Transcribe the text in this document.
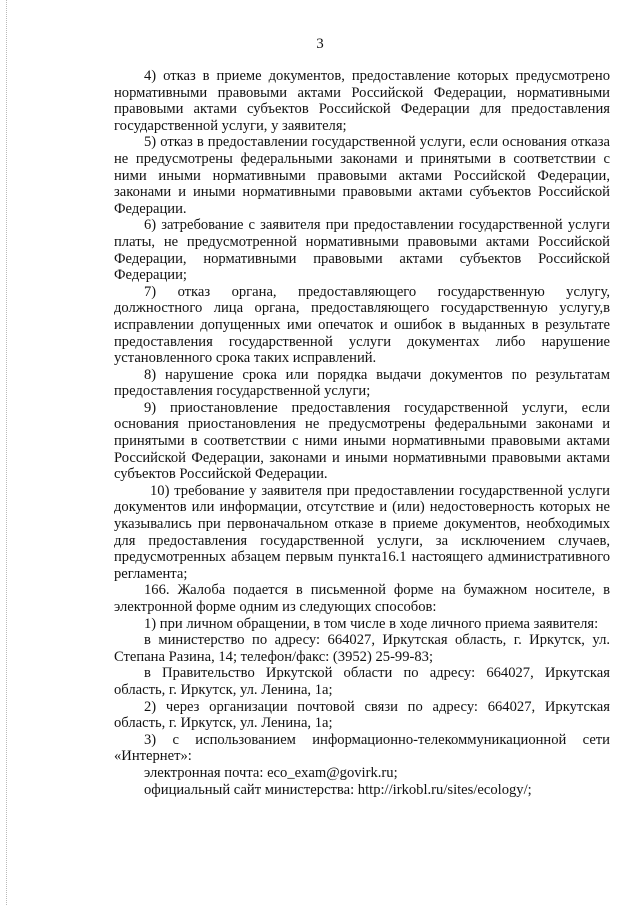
3

4) отказ в приеме документов, предоставление которых предусмотрено нормативными правовыми актами Российской Федерации, нормативными правовыми актами субъектов Российской Федерации для предоставления государственной услуги, у заявителя;

5) отказ в предоставлении государственной услуги, если основания отказа не предусмотрены федеральными законами и принятыми в соответствии с ними иными нормативными правовыми актами Российской Федерации, законами и иными нормативными правовыми актами субъектов Российской Федерации.

6) затребование с заявителя при предоставлении государственной услуги платы, не предусмотренной нормативными правовыми актами Российской Федерации, нормативными правовыми актами субъектов Российской Федерации;

7) отказ органа, предоставляющего государственную услугу, должностного лица органа, предоставляющего государственную услугу,в исправлении допущенных ими опечаток и ошибок в выданных в результате предоставления государственной услуги документах либо нарушение установленного срока таких исправлений.

8) нарушение срока или порядка выдачи документов по результатам предоставления государственной услуги;

9) приостановление предоставления государственной услуги, если основания приостановления не предусмотрены федеральными законами и принятыми в соответствии с ними иными нормативными правовыми актами Российской Федерации, законами и иными нормативными правовыми актами субъектов Российской Федерации.

10) требование у заявителя при предоставлении государственной услуги документов или информации, отсутствие и (или) недостоверность которых не указывались при первоначальном отказе в приеме документов, необходимых для предоставления государственной услуги, за исключением случаев, предусмотренных абзацем первым пункта16.1 настоящего административного регламента;

166. Жалоба подается в письменной форме на бумажном носителе, в электронной форме одним из следующих способов:

1) при личном обращении, в том числе в ходе личного приема заявителя:

в министерство по адресу: 664027, Иркутская область, г. Иркутск, ул. Степана Разина, 14; телефон/факс: (3952) 25-99-83;

в Правительство Иркутской области по адресу: 664027, Иркутская область, г. Иркутск, ул. Ленина, 1а;

2) через организации почтовой связи по адресу: 664027, Иркутская область, г. Иркутск, ул. Ленина, 1а;

3) с использованием информационно-телекоммуникационной сети «Интернет»:

электронная почта: eco_exam@govirk.ru;

официальный сайт министерства: http://irkobl.ru/sites/ecology/;
